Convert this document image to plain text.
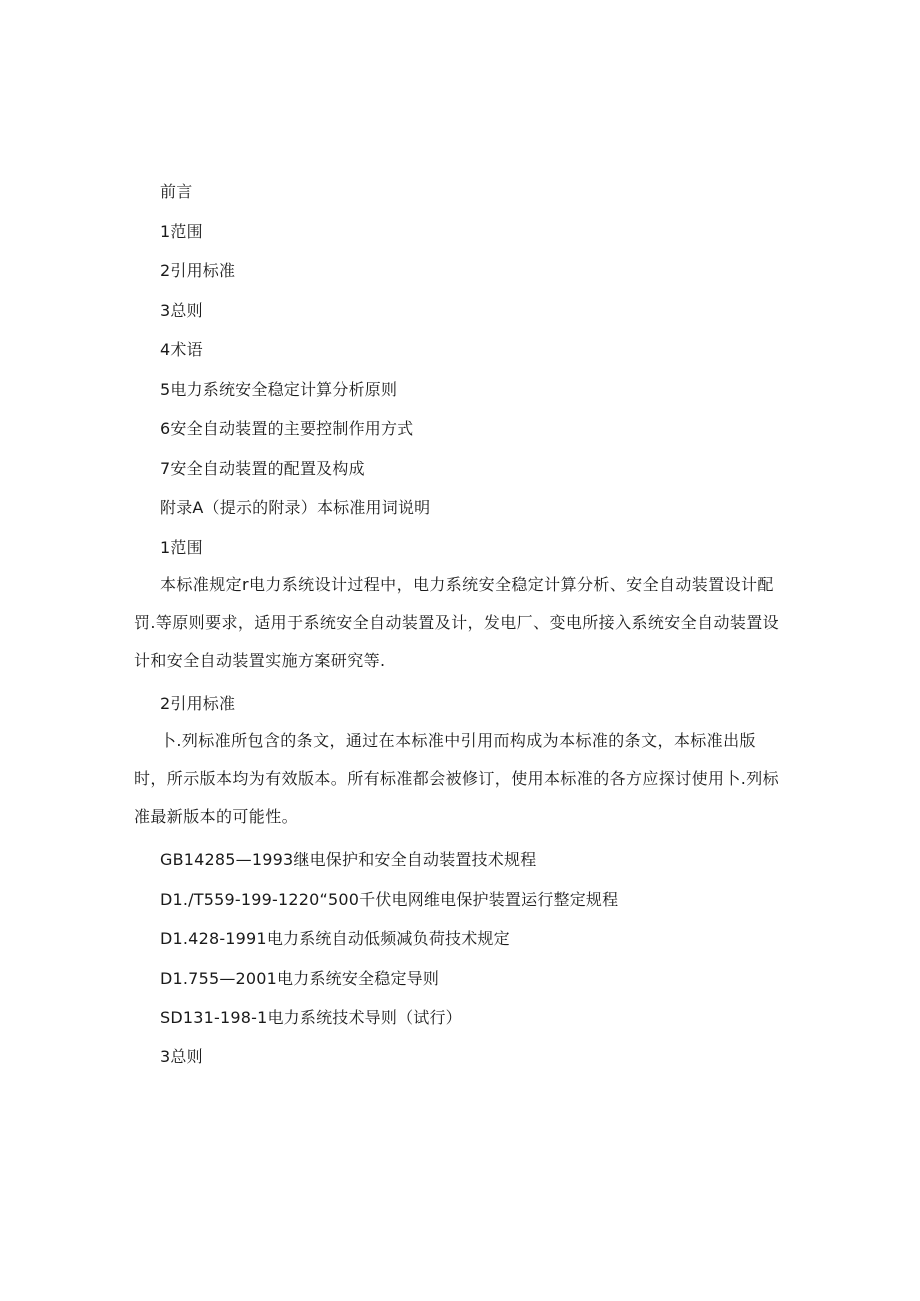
前言
1范围
2引用标准
3总则
4术语
5电力系统安全稳定计算分析原则
6安全自动装置的主要控制作用方式
7安全自动装置的配置及构成
附录A（提示的附录）本标准用词说明
1范围
本标准规定r电力系统设计过程中，电力系统安全稳定计算分析、安全自动装置设计配罚.等原则要求，适用于系统安全自动装置及计，发电厂、变电所接入系统安全自动装置设计和安全自动装置实施方案研究等.
2引用标准
卜.列标准所包含的条文，通过在本标准中引用而构成为本标准的条文，本标准出版时，所示版本均为有效版本。所有标准都会被修订，使用本标准的各方应探讨使用卜.列标准最新版本的可能性。
GB14285—1993继电保护和安全自动装置技术规程
D1./T559-199-1220“500千伏电网维电保护装置运行整定规程
D1.428-1991电力系统自动低频减负荷技术规定
D1.755—2001电力系统安全稳定导则
SD131-198-1电力系统技术导则（试行）
3总则
